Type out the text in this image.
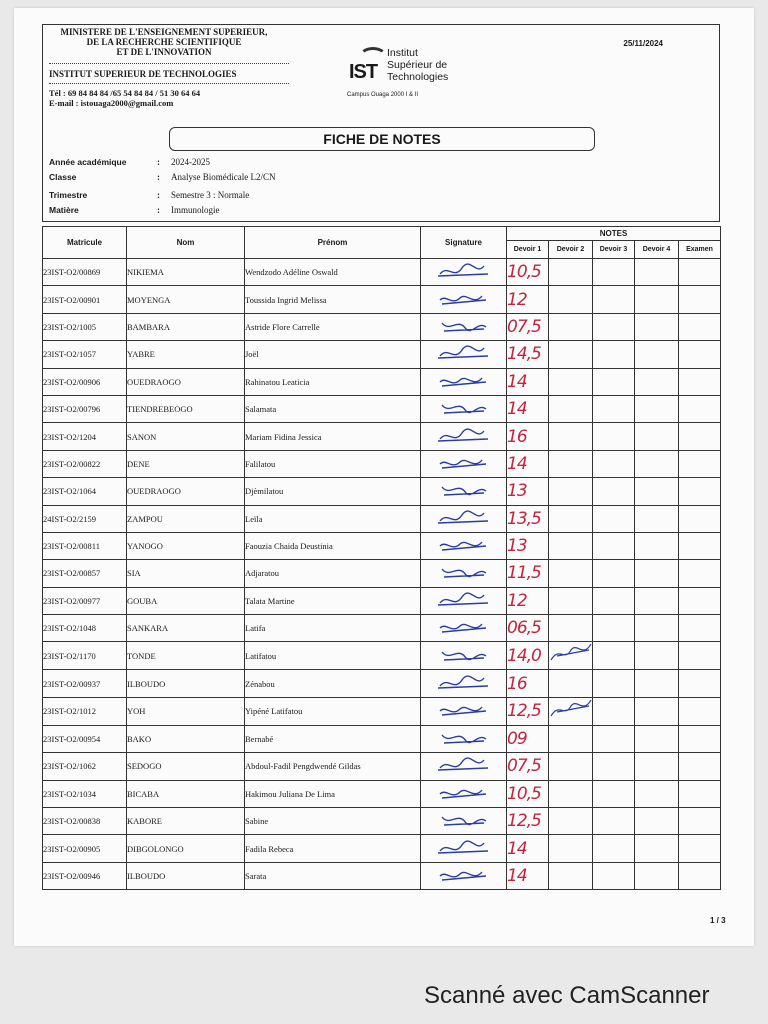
MINISTERE DE L'ENSEIGNEMENT SUPERIEUR,
DE LA RECHERCHE SCIENTIFIQUE
ET DE L'INNOVATION
INSTITUT SUPERIEUR DE TECHNOLOGIES
Tél : 69 84 84 84 /65 54 84 84 / 51 30 64 64
E-mail : istouaga2000@gmail.com
IST
Institut
Supérieur de
Technologies
Campus Ouaga 2000 I & II
25/11/2024
FICHE DE NOTES
Année académique	: 2024-2025
Classe	: Analyse Biomédicale L2/CN
Trimestre	: Semestre 3 : Normale
Matière	: Immunologie
Matricule	Nom	Prénom	Signature	NOTES				
				Devoir 1	Devoir 2	Devoir 3	Devoir 4	Examen
23IST-O2/00869	NIKIEMA	Wendzodo Adéline Oswald		10,5				
23IST-O2/00901	MOYENGA	Toussida Ingrid Melissa		12				
23IST-O2/1005	BAMBARA	Astride Flore Carrelle		07,5				
23IST-O2/1057	YABRE	Joël		14,5				
23IST-O2/00906	OUEDRAOGO	Rahinatou Leaticia		14				
23IST-O2/00796	TIENDREBEOGO	Salamata		14				
23IST-O2/1204	SANON	Mariam Fidina Jessica		16				
23IST-O2/00822	DENE	Falilatou		14				
23IST-O2/1064	OUEDRAOGO	Djèmilatou		13				
24IST-O2/2159	ZAMPOU	Leïla		13,5				
23IST-O2/00811	YANOGO	Faouzia Chaida Deustinia		13				
23IST-O2/00857	SIA	Adjaratou		11,5				
23IST-O2/00977	GOUBA	Talata Martine		12				
23IST-O2/1048	SANKARA	Latifa		06,5				
23IST-O2/1170	TONDE	Latifatou		14,0				
23IST-O2/00937	ILBOUDO	Zénabou		16				
23IST-O2/1012	YOH	Yipéné Latifatou		12,5				
23IST-O2/00954	BAKO	Bernabé		09				
23IST-O2/1062	SEDOGO	Abdoul-Fadil Pengdwendé Gildas		07,5				
23IST-O2/1034	BICABA	Hakimou Juliana De Lima		10,5				
23IST-O2/00838	KABORE	Sabine		12,5				
23IST-O2/00905	DIBGOLONGO	Fadila Rebeca		14				
23IST-O2/00946	ILBOUDO	Sarata		14				
1 / 3
Scanné avec CamScanner
